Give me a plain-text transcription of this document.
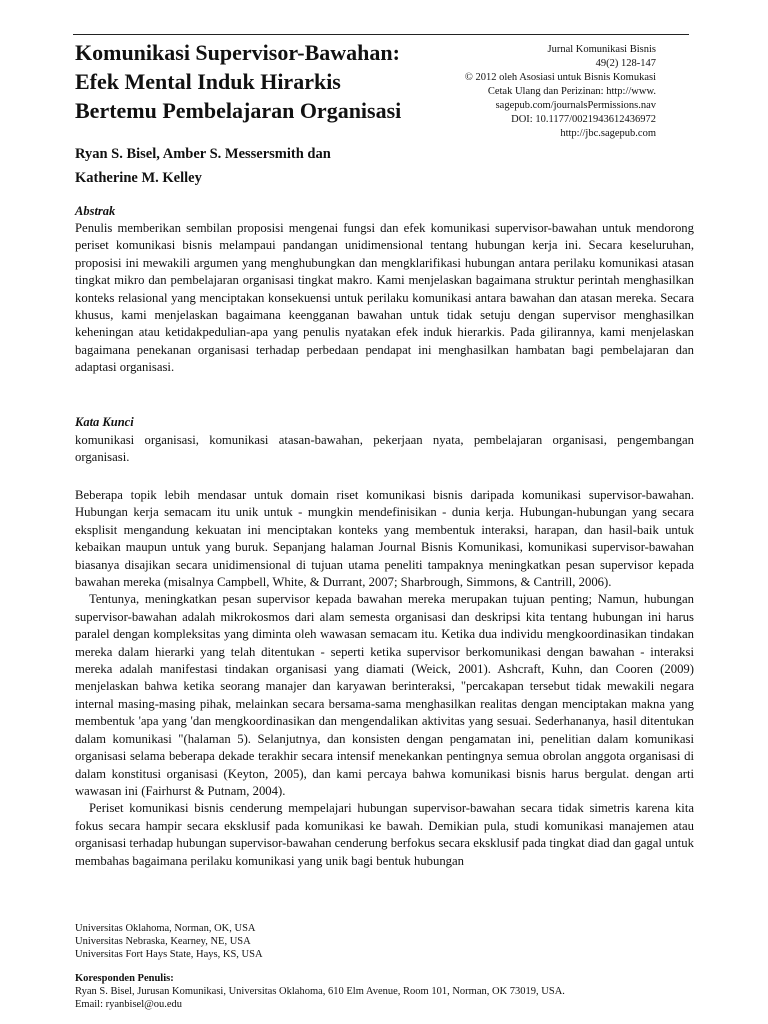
Komunikasi Supervisor-Bawahan:
Efek Mental Induk Hirarkis
Bertemu Pembelajaran Organisasi
Jurnal Komunikasi Bisnis
49(2) 128-147
© 2012 oleh Asosiasi untuk Bisnis Komukasi
Cetak Ulang dan Perizinan: http://www.
sagepub.com/journalsPermissions.nav
DOI: 10.1177/0021943612436972
http://jbc.sagepub.com
Ryan S. Bisel, Amber S. Messersmith dan
Katherine M. Kelley
Abstrak

Penulis memberikan sembilan proposisi mengenai fungsi dan efek komunikasi supervisor-bawahan untuk mendorong periset komunikasi bisnis melampaui pandangan unidimensional tentang hubungan kerja ini. Secara keseluruhan, proposisi ini mewakili argumen yang menghubungkan dan mengklarifikasi hubungan antara perilaku komunikasi atasan tingkat mikro dan pembelajaran organisasi tingkat makro. Kami menjelaskan bagaimana struktur perintah menghasilkan konteks relasional yang menciptakan konsekuensi untuk perilaku komunikasi antara bawahan dan atasan mereka. Secara khusus, kami menjelaskan bagaimana keengganan bawahan untuk tidak setuju dengan supervisor menghasilkan keheningan atau ketidakpedulian-apa yang penulis nyatakan efek induk hierarkis. Pada gilirannya, kami menjelaskan bagaimana penekanan organisasi terhadap perbedaan pendapat ini menghasilkan hambatan bagi pembelajaran dan adaptasi organisasi.

Kata Kunci

komunikasi organisasi, komunikasi atasan-bawahan, pekerjaan nyata, pembelajaran organisasi, pengembangan organisasi.

Beberapa topik lebih mendasar untuk domain riset komunikasi bisnis daripada komunikasi supervisor-bawahan. Hubungan kerja semacam itu unik untuk - mungkin mendefinisikan - dunia kerja. Hubungan-hubungan yang secara eksplisit mengandung kekuatan ini menciptakan konteks yang membentuk interaksi, harapan, dan hasil-baik untuk kebaikan maupun untuk yang buruk. Sepanjang halaman Journal Bisnis Komunikasi, komunikasi supervisor-bawahan biasanya disajikan secara unidimensional di tujuan utama peneliti tampaknya meningkatkan pesan supervisor kepada bawahan mereka (misalnya Campbell, White, & Durrant, 2007; Sharbrough, Simmons, & Cantrill, 2006).

Tentunya, meningkatkan pesan supervisor kepada bawahan mereka merupakan tujuan penting; Namun, hubungan supervisor-bawahan adalah mikrokosmos dari alam semesta organisasi dan deskripsi kita tentang hubungan ini harus paralel dengan kompleksitas yang diminta oleh wawasan semacam itu. Ketika dua individu mengkoordinasikan tindakan mereka dalam hierarki yang telah ditentukan - seperti ketika supervisor berkomunikasi dengan bawahan - interaksi mereka adalah manifestasi tindakan organisasi yang diamati (Weick, 2001). Ashcraft, Kuhn, dan Cooren (2009) menjelaskan bahwa ketika seorang manajer dan karyawan berinteraksi, "percakapan tersebut tidak mewakili negara internal masing-masing pihak, melainkan secara bersama-sama menghasilkan realitas dengan menciptakan makna yang membentuk 'apa yang 'dan mengkoordinasikan dan mengendalikan aktivitas yang sesuai. Sederhananya, hasil ditentukan dalam komunikasi "(halaman 5). Selanjutnya, dan konsisten dengan pengamatan ini, penelitian dalam komunikasi organisasi selama beberapa dekade terakhir secara intensif menekankan pentingnya semua obrolan anggota organisasi di dalam konstitusi organisasi (Keyton, 2005), dan kami percaya bahwa komunikasi bisnis harus bergulat. dengan arti wawasan ini (Fairhurst & Putnam, 2004).

Periset komunikasi bisnis cenderung mempelajari hubungan supervisor-bawahan secara tidak simetris karena kita fokus secara hampir secara eksklusif pada komunikasi ke bawah. Demikian pula, studi komunikasi manajemen atau organisasi terhadap hubungan supervisor-bawahan cenderung berfokus secara eksklusif pada tingkat diad dan gagal untuk membahas bagaimana perilaku komunikasi yang unik bagi bentuk hubungan

Universitas Oklahoma, Norman, OK, USA
Universitas Nebraska, Kearney, NE, USA
Universitas Fort Hays State, Hays, KS, USA
Koresponden Penulis:
Ryan S. Bisel, Jurusan Komunikasi, Universitas Oklahoma, 610 Elm Avenue, Room 101, Norman, OK 73019, USA.
Email: ryanbisel@ou.edu
